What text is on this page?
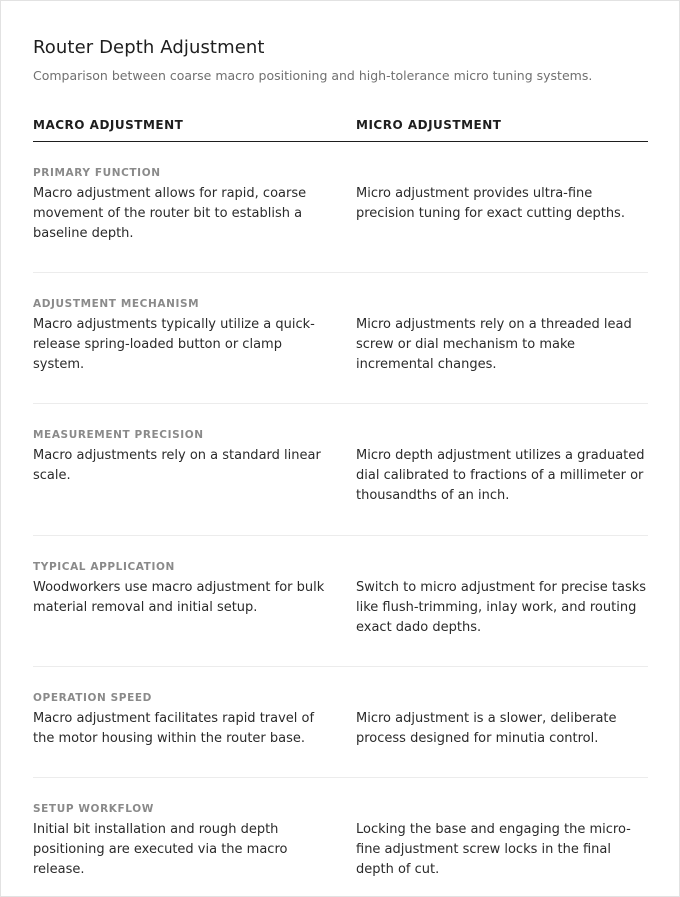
Router Depth Adjustment
Comparison between coarse macro positioning and high-tolerance micro tuning systems.
MACRO ADJUSTMENT	MICRO ADJUSTMENT
PRIMARY FUNCTION
Macro adjustment allows for rapid, coarse movement of the router bit to establish a baseline depth.
Micro adjustment provides ultra-fine precision tuning for exact cutting depths.
ADJUSTMENT MECHANISM
Macro adjustments typically utilize a quick-release spring-loaded button or clamp system.
Micro adjustments rely on a threaded lead screw or dial mechanism to make incremental changes.
MEASUREMENT PRECISION
Macro adjustments rely on a standard linear scale.
Micro depth adjustment utilizes a graduated dial calibrated to fractions of a millimeter or thousandths of an inch.
TYPICAL APPLICATION
Woodworkers use macro adjustment for bulk material removal and initial setup.
Switch to micro adjustment for precise tasks like flush-trimming, inlay work, and routing exact dado depths.
OPERATION SPEED
Macro adjustment facilitates rapid travel of the motor housing within the router base.
Micro adjustment is a slower, deliberate process designed for minutia control.
SETUP WORKFLOW
Initial bit installation and rough depth positioning are executed via the macro release.
Locking the base and engaging the micro-fine adjustment screw locks in the final depth of cut.
